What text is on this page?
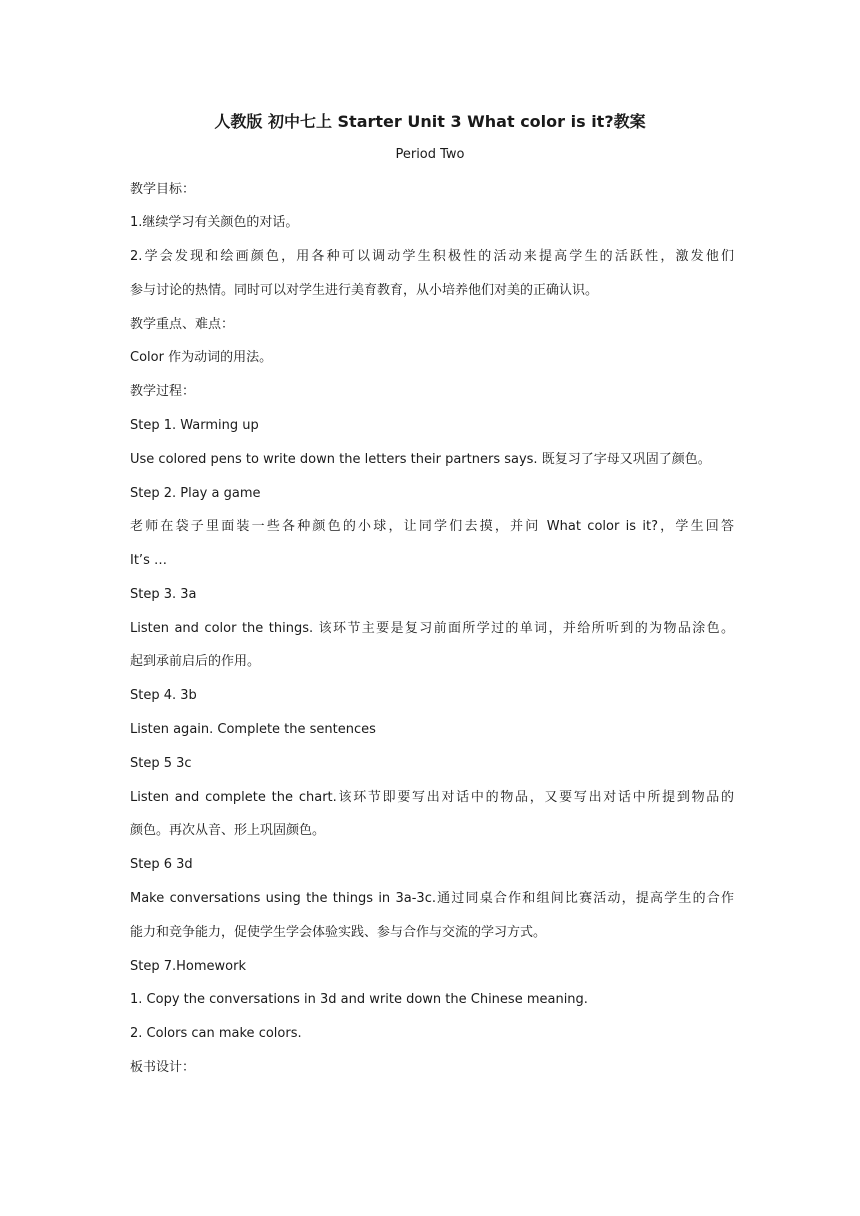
人教版 初中七上 Starter Unit 3 What color is it?教案
Period Two
教学目标：
1.继续学习有关颜色的对话。
2.学会发现和绘画颜色，用各种可以调动学生积极性的活动来提高学生的活跃性，激发他们
参与讨论的热情。同时可以对学生进行美育教育，从小培养他们对美的正确认识。
教学重点、难点：
Color 作为动词的用法。
教学过程：
Step 1. Warming up
Use colored pens to write down the letters their partners says. 既复习了字母又巩固了颜色。
Step 2. Play a game
老师在袋子里面装一些各种颜色的小球，让同学们去摸，并问 What color is it?，学生回答
It’s …
Step 3. 3a
Listen and color the things. 该环节主要是复习前面所学过的单词，并给所听到的为物品涂色。
起到承前启后的作用。
Step 4. 3b
Listen again. Complete the sentences
Step 5 3c
Listen and complete the chart.该环节即要写出对话中的物品，又要写出对话中所提到物品的
颜色。再次从音、形上巩固颜色。
Step 6 3d
Make conversations using the things in 3a-3c.通过同桌合作和组间比赛活动，提高学生的合作
能力和竞争能力，促使学生学会体验实践、参与合作与交流的学习方式。
Step 7.Homework
1. Copy the conversations in 3d and write down the Chinese meaning.
2. Colors can make colors.
板书设计：
